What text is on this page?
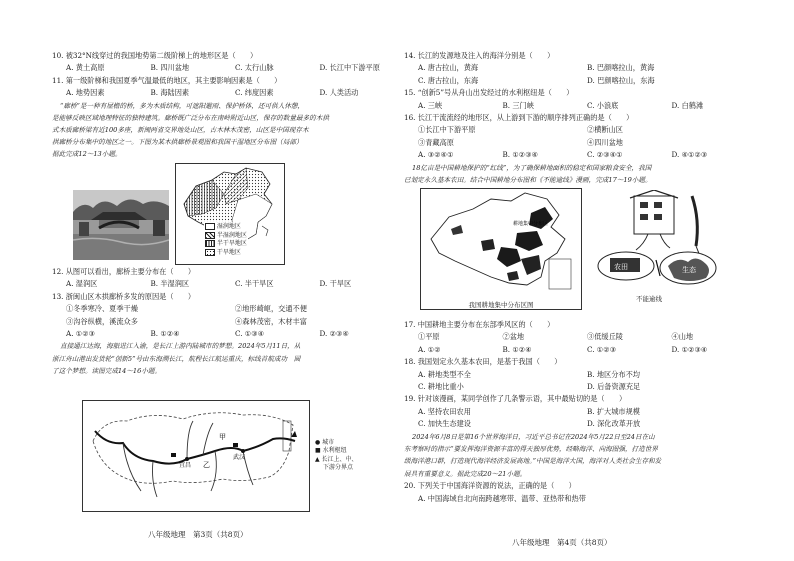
10. 被32°N线穿过的我国地势第二级阶梯上的地形区是（　　）
A. 黄土高原	B. 四川盆地	C. 太行山脉	D. 长江中下游平原
11. 第一级阶梯和我国夏季气温最低的地区，其主要影响因素是（　　）
A. 地势因素	B. 海陆因素	C. 纬度因素	D. 人类活动
“廊桥”是一种有屋檐的桥，多为木质结构，可遮阳避雨、保护桥体，还可供人休憩，
是能够反映区域地理特征的独特建筑。廊桥既广泛分布在南岭附近山区，保存的数量最多的木拱
式木质廊桥梁有近100多座，新闽两省交界地处山区，古木林木茂密，山区是中国现存木
拱廊桥分布集中的地区之一。下图为某木拱廊桥景观图和我国干湿地区分布图（局部）
据此完成12～13小题。
湿润地区
半湿润地区
半干旱地区
干旱地区
12. 从图可以看出，廊桥主要分布在（　　）
A. 湿润区	B. 半湿润区	C. 半干旱区	D. 干旱区
13. 浙闽山区木拱廊桥多发的原因是（　　）
①冬季寒冷、夏季干燥	②地形崎岖，交通不便
③沟谷纵横，溪流众多	④森林茂密，木材丰富
A. ①②③	B. ①②④	C. ①③④	D. ②③④
直接通江达海，海船进江入渝，是长江上游内陆城市的梦想。2024年5月11日，从
浙江舟山港出发货轮“创新5”号由东海溯长江，航程长江航运重庆，标线首航成功　圆
了这个梦想。读图完成14～16小题。
甲
武汉
乙
宜昌
● 城市
■ 水利枢纽
▲ 长江上、中、
下游分界点
八年级地理　第3页（共8页）
14. 长江的发源地及注入的海洋分别是（　　）
A. 唐古拉山，黄海	B. 巴颜喀拉山，黄海
C. 唐古拉山，东海	D. 巴颜喀拉山，东海
15. “创新5”号从舟山出发经过的水利枢纽是（　　）
A. 三峡	B. 三门峡	C. 小浪底	D. 白鹤滩
16. 长江干流流经的地形区，从上游到下游的顺序排列正确的是（　　）
①长江中下游平原	②横断山区
③青藏高原	④四川盆地
A. ③②④①	B. ①②③④	C. ②③④①	D. ④①②③
18亿亩是中国耕地保护的“红线”，为了确保耕地面积的稳定和国家粮食安全，我国
已划定永久基本农田。结合中国耕地分布图和《不能逾线》漫画，完成17～19小题。
耕地集中分布区
我国耕地集中分布区图
农田	生态
不能逾线
17. 中国耕地主要分布在东部季风区的（　　）
①平原	②盆地	③低缓丘陵	④山地
A. ①②	B. ①②④	C. ①②③	D. ①②③④
18. 我国划定永久基本农田，是基于我国（　　）
A. 耕地类型不全	B. 地区分布不均
C. 耕地比重小	D. 后备资源充足
19. 针对该漫画，某同学创作了几条警示语，其中最贴切的是（　　）
A. 坚持农田农用	B. 扩大城市规模
C. 加快生态建设	D. 深化改革开放
2024年6月8日是第16个世界海洋日，习近平总书记在2024年5月22日至24日在山
东考察时的指示“要发挥海洋资源丰富的得天独厚优势，经略海洋、向海图强，打造世界
级海洋港口群，打造现代海洋经济发展高地。”中国是海洋大国，海洋对人类社会生存和发
展具有重要意义。据此完成20～21小题。
20. 下列关于中国海洋资源的说法，正确的是（　　）
A. 中国海域自北向南跨越寒带、温带、亚热带和热带
八年级地理　第4页（共8页）
